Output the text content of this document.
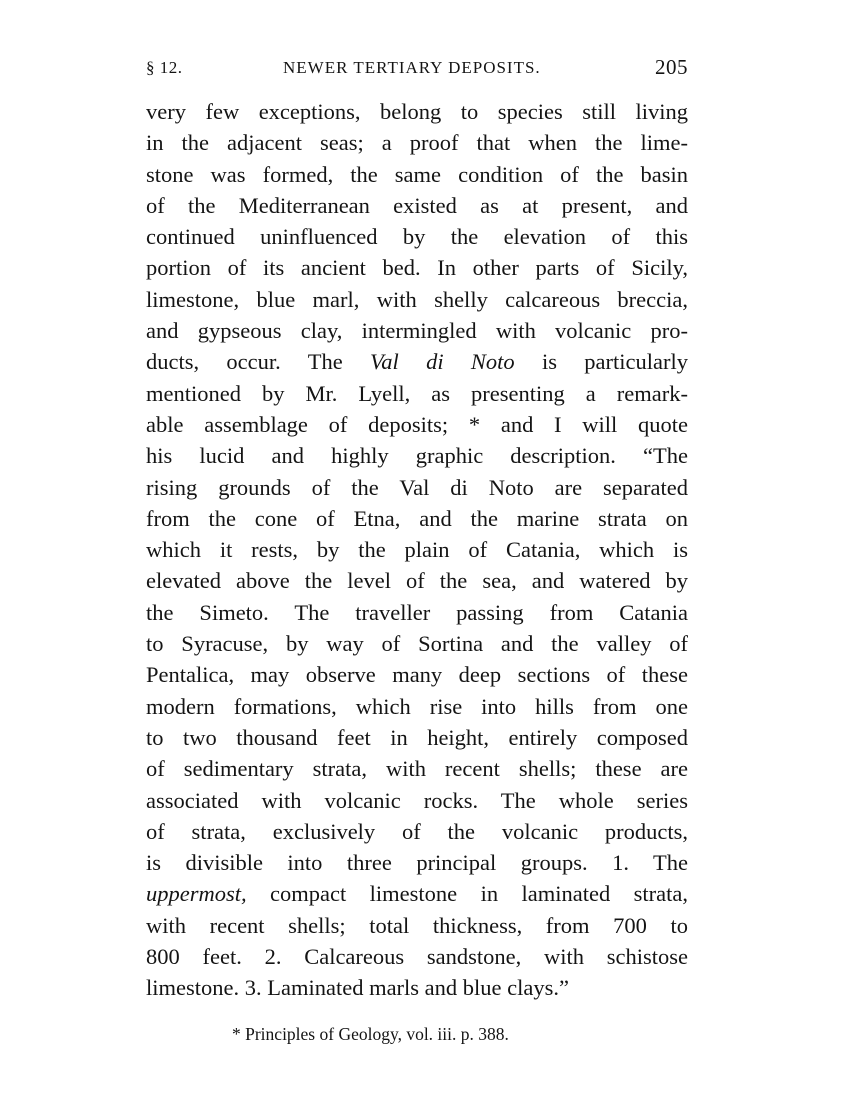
§ 12.	NEWER TERTIARY DEPOSITS.	205
very few exceptions, belong to species still living
in the adjacent seas; a proof that when the lime-
stone was formed, the same condition of the basin
of the Mediterranean existed as at present, and
continued uninfluenced by the elevation of this
portion of its ancient bed. In other parts of Sicily,
limestone, blue marl, with shelly calcareous breccia,
and gypseous clay, intermingled with volcanic pro-
ducts, occur. The Val di Noto is particularly
mentioned by Mr. Lyell, as presenting a remark-
able assemblage of deposits; * and I will quote
his lucid and highly graphic description. “The
rising grounds of the Val di Noto are separated
from the cone of Etna, and the marine strata on
which it rests, by the plain of Catania, which is
elevated above the level of the sea, and watered by
the Simeto. The traveller passing from Catania
to Syracuse, by way of Sortina and the valley of
Pentalica, may observe many deep sections of these
modern formations, which rise into hills from one
to two thousand feet in height, entirely composed
of sedimentary strata, with recent shells; these are
associated with volcanic rocks. The whole series
of strata, exclusively of the volcanic products,
is divisible into three principal groups. 1. The
uppermost, compact limestone in laminated strata,
with recent shells; total thickness, from 700 to
800 feet. 2. Calcareous sandstone, with schistose
limestone. 3. Laminated marls and blue clays.”
* Principles of Geology, vol. iii. p. 388.
